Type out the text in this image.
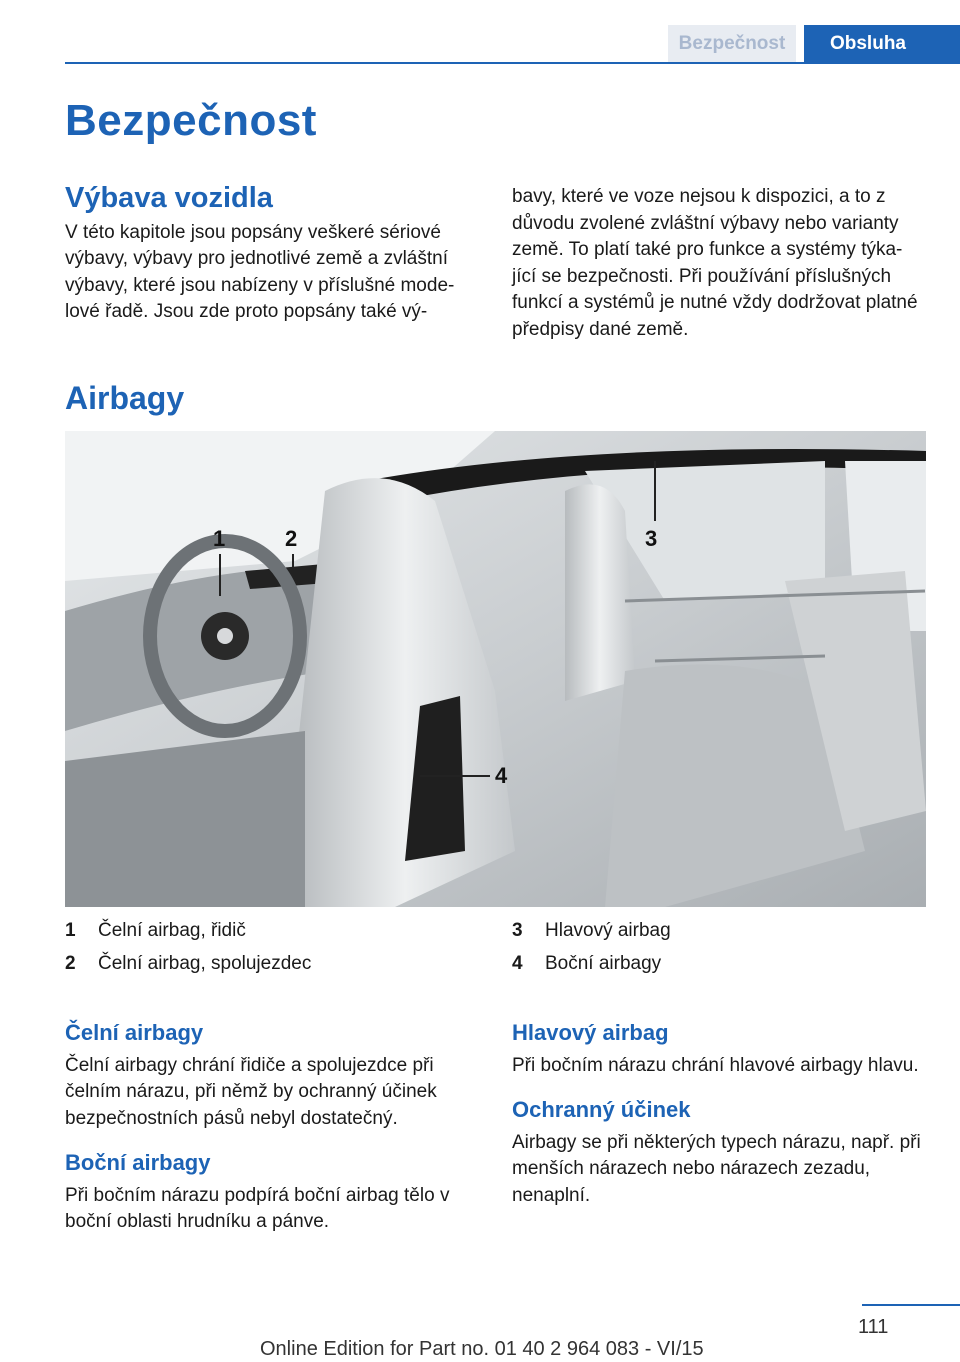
Bezpečnost	Obsluha
Bezpečnost
Výbava vozidla

V této kapitole jsou popsány veškeré sériové výbavy, výbavy pro jednotlivé země a zvláštní výbavy, které jsou nabízeny v příslušné mode- lové řadě. Jsou zde proto popsány také vý-

bavy, které ve voze nejsou k dispozici, a to z důvodu zvolené zvláštní výbavy nebo varianty země. To platí také pro funkce a systémy týka- jící se bezpečnosti. Při používání příslušných funkcí a systémů je nutné vždy dodržovat platné předpisy dané země.

Airbagy
1	2	3
4
1	Čelní airbag, řidič
2	Čelní airbag, spolujezdec
3	Hlavový airbag
4	Boční airbagy
Čelní airbagy

Čelní airbagy chrání řidiče a spolujezdce při čelním nárazu, při němž by ochranný účinek bezpečnostních pásů nebyl dostatečný.

Boční airbagy

Při bočním nárazu podpírá boční airbag tělo v boční oblasti hrudníku a pánve.

Hlavový airbag

Při bočním nárazu chrání hlavové airbagy hlavu.

Ochranný účinek

Airbagy se při některých typech nárazu, např. při menších nárazech nebo nárazech zezadu, nenaplní.

111
Online Edition for Part no. 01 40 2 964 083 - VI/15
